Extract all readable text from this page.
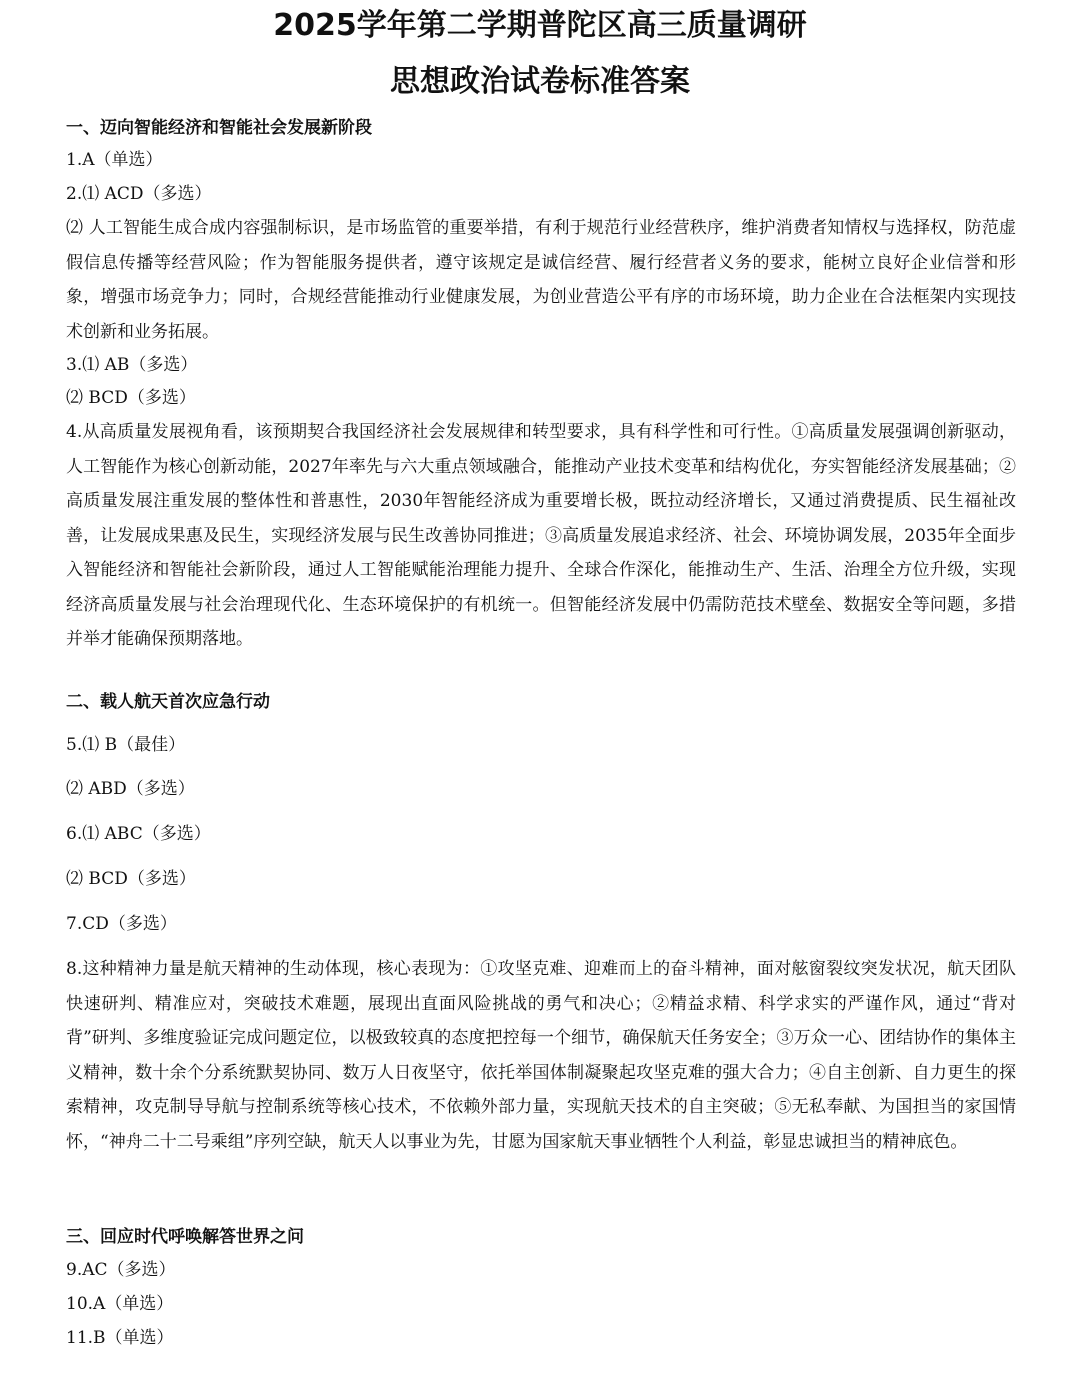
2025学年第二学期普陀区高三质量调研
思想政治试卷标准答案

一、迈向智能经济和智能社会发展新阶段

1.A（单选）

2.⑴ ACD（多选）

⑵ 人工智能生成合成内容强制标识，是市场监管的重要举措，有利于规范行业经营秩序，维护消费者知情权与选择权，防范虚假信息传播等经营风险；作为智能服务提供者，遵守该规定是诚信经营、履行经营者义务的要求，能树立良好企业信誉和形象，增强市场竞争力；同时，合规经营能推动行业健康发展，为创业营造公平有序的市场环境，助力企业在合法框架内实现技术创新和业务拓展。

3.⑴ AB（多选）

⑵ BCD（多选）

4.从高质量发展视角看，该预期契合我国经济社会发展规律和转型要求，具有科学性和可行性。①高质量发展强调创新驱动，人工智能作为核心创新动能，2027年率先与六大重点领域融合，能推动产业技术变革和结构优化，夯实智能经济发展基础；②高质量发展注重发展的整体性和普惠性，2030年智能经济成为重要增长极，既拉动经济增长，又通过消费提质、民生福祉改善，让发展成果惠及民生，实现经济发展与民生改善协同推进；③高质量发展追求经济、社会、环境协调发展，2035年全面步入智能经济和智能社会新阶段，通过人工智能赋能治理能力提升、全球合作深化，能推动生产、生活、治理全方位升级，实现经济高质量发展与社会治理现代化、生态环境保护的有机统一。但智能经济发展中仍需防范技术壁垒、数据安全等问题，多措并举才能确保预期落地。

二、载人航天首次应急行动

5.⑴ B（最佳）

⑵ ABD（多选）

6.⑴ ABC（多选）

⑵ BCD（多选）

7.CD（多选）

8.这种精神力量是航天精神的生动体现，核心表现为：①攻坚克难、迎难而上的奋斗精神，面对舷窗裂纹突发状况，航天团队快速研判、精准应对，突破技术难题，展现出直面风险挑战的勇气和决心；②精益求精、科学求实的严谨作风，通过“背对背”研判、多维度验证完成问题定位，以极致较真的态度把控每一个细节，确保航天任务安全；③万众一心、团结协作的集体主义精神，数十余个分系统默契协同、数万人日夜坚守，依托举国体制凝聚起攻坚克难的强大合力；④自主创新、自力更生的探索精神，攻克制导导航与控制系统等核心技术，不依赖外部力量，实现航天技术的自主突破；⑤无私奉献、为国担当的家国情怀，“神舟二十二号乘组”序列空缺，航天人以事业为先，甘愿为国家航天事业牺牲个人利益，彰显忠诚担当的精神底色。

三、回应时代呼唤解答世界之问

9.AC（多选）

10.A（单选）

11.B（单选）
